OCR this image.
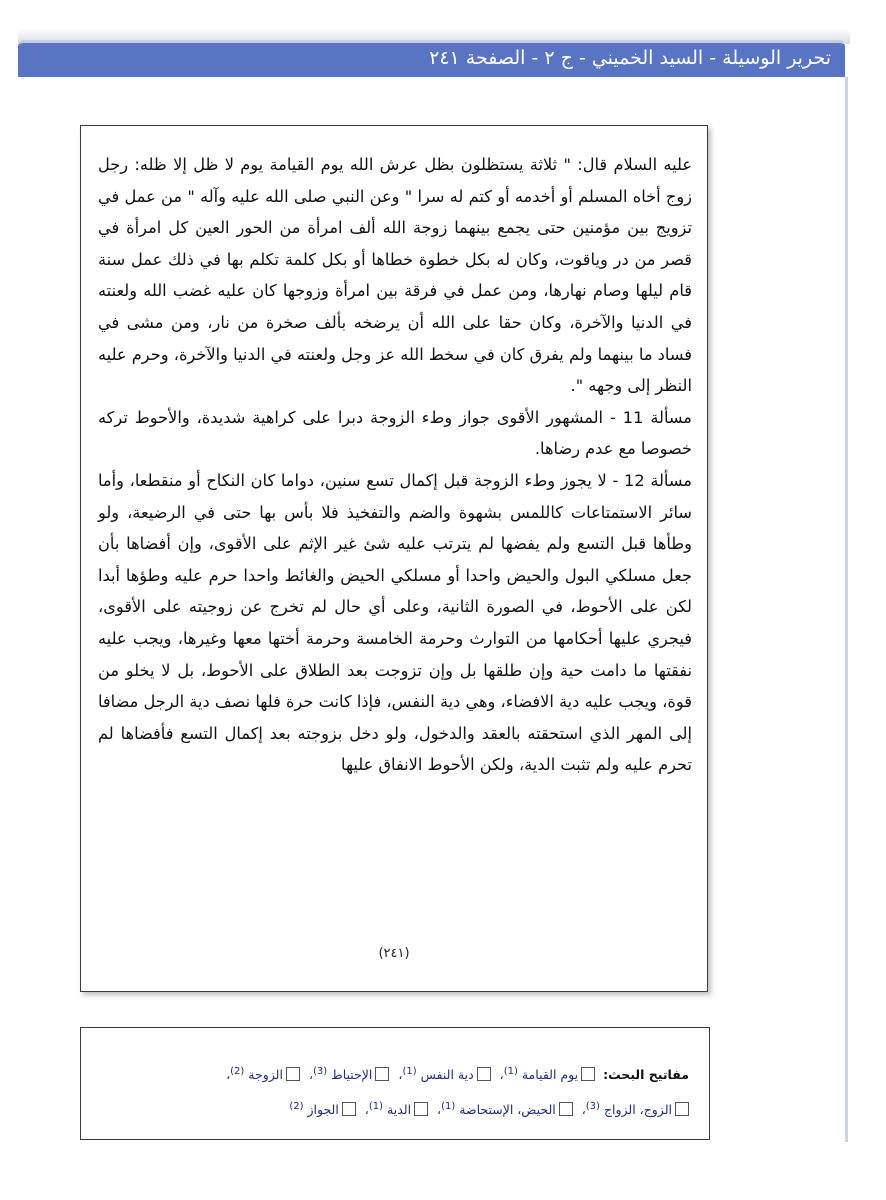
تحرير الوسيلة - السيد الخميني - ج ٢ - الصفحة ٢٤١

عليه السلام قال: " ثلاثة يستظلون بظل عرش الله يوم القيامة يوم لا ظل إلا ظله: رجل زوج أخاه المسلم أو أخدمه أو كتم له سرا " وعن النبي صلى الله عليه وآله " من عمل في تزويج بين مؤمنين حتى يجمع بينهما زوجة الله ألف امرأة من الحور العين كل امرأة في قصر من در وياقوت، وكان له بكل خطوة خطاها أو بكل كلمة تكلم بها في ذلك عمل سنة قام ليلها وصام نهارها، ومن عمل في فرقة بين امرأة وزوجها كان عليه غضب الله ولعنته في الدنيا والآخرة، وكان حقا على الله أن يرضخه بألف صخرة من نار، ومن مشى في فساد ما بينهما ولم يفرق كان في سخط الله عز وجل ولعنته في الدنيا والآخرة، وحرم عليه النظر إلى وجهه ".

مسألة 11 - المشهور الأقوى جواز وطء الزوجة دبرا على كراهية شديدة، والأحوط تركه خصوصا مع عدم رضاها.

مسألة 12 - لا يجوز وطء الزوجة قبل إكمال تسع سنين، دواما كان النكاح أو منقطعا، وأما سائر الاستمتاعات كاللمس بشهوة والضم والتفخيذ فلا بأس بها حتى في الرضيعة، ولو وطأها قبل التسع ولم يفضها لم يترتب عليه شئ غير الإثم على الأقوى، وإن أفضاها بأن جعل مسلكي البول والحيض واحدا أو مسلكي الحيض والغائط واحدا حرم عليه وطؤها أبدا لكن على الأحوط، في الصورة الثانية، وعلى أي حال لم تخرج عن زوجيته على الأقوى، فيجري عليها أحكامها من التوارث وحرمة الخامسة وحرمة أختها معها وغيرها، ويجب عليه نفقتها ما دامت حية وإن طلقها بل وإن تزوجت بعد الطلاق على الأحوط، بل لا يخلو من قوة، ويجب عليه دية الافضاء، وهي دية النفس، فإذا كانت حرة فلها نصف دية الرجل مضافا إلى المهر الذي استحقته بالعقد والدخول، ولو دخل بزوجته بعد إكمال التسع فأفضاها لم تحرم عليه ولم تثبت الدية، ولكن الأحوط الانفاق عليها

(٢٤١)
مفاتيح البحث: يوم القيامة $^{(1)}$، دية النفس $^{(1)}$، الإحتياط $^{(3)}$، الزوجة $^{(2)}$،
الزوج، الزواج $^{(3)}$، الحيض، الإستحاضة $^{(1)}$، الدية $^{(1)}$، الجواز $^{(2)}$
